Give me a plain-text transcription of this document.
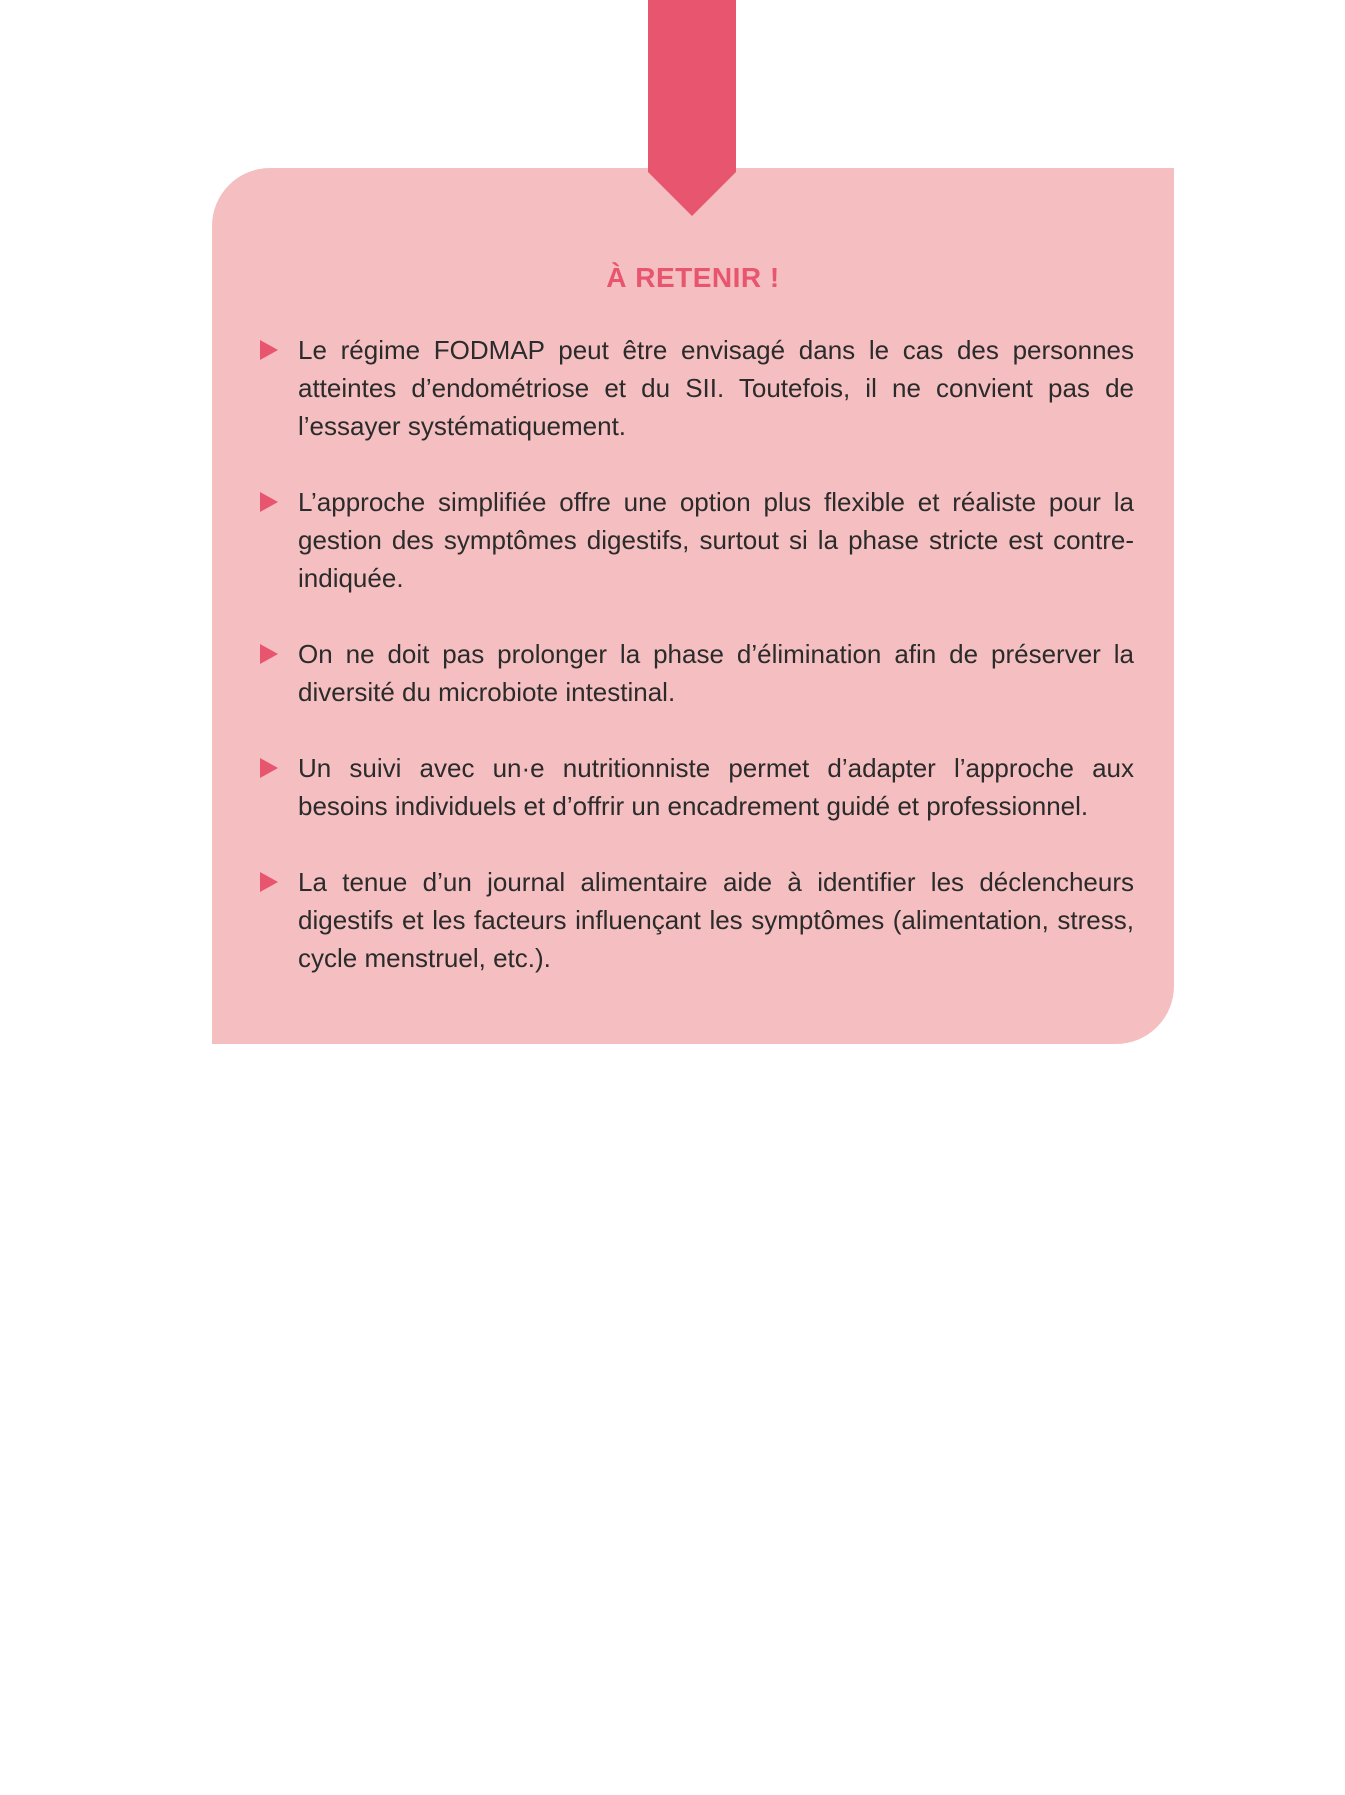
À RETENIR !
Le régime FODMAP peut être envisagé dans le cas des personnes atteintes d’endométriose et du SII. Toutefois, il ne convient pas de l’essayer systématiquement.
L’approche simplifiée offre une option plus flexible et réaliste pour la gestion des symptômes digestifs, surtout si la phase stricte est contre-indiquée.
On ne doit pas prolonger la phase d’élimination afin de préserver la diversité du microbiote intestinal.
Un suivi avec un·e nutritionniste permet d’adapter l’approche aux besoins individuels et d’offrir un encadrement guidé et professionnel.
La tenue d’un journal alimentaire aide à identifier les déclencheurs digestifs et les facteurs influençant les symptômes (alimentation, stress, cycle menstruel, etc.).
